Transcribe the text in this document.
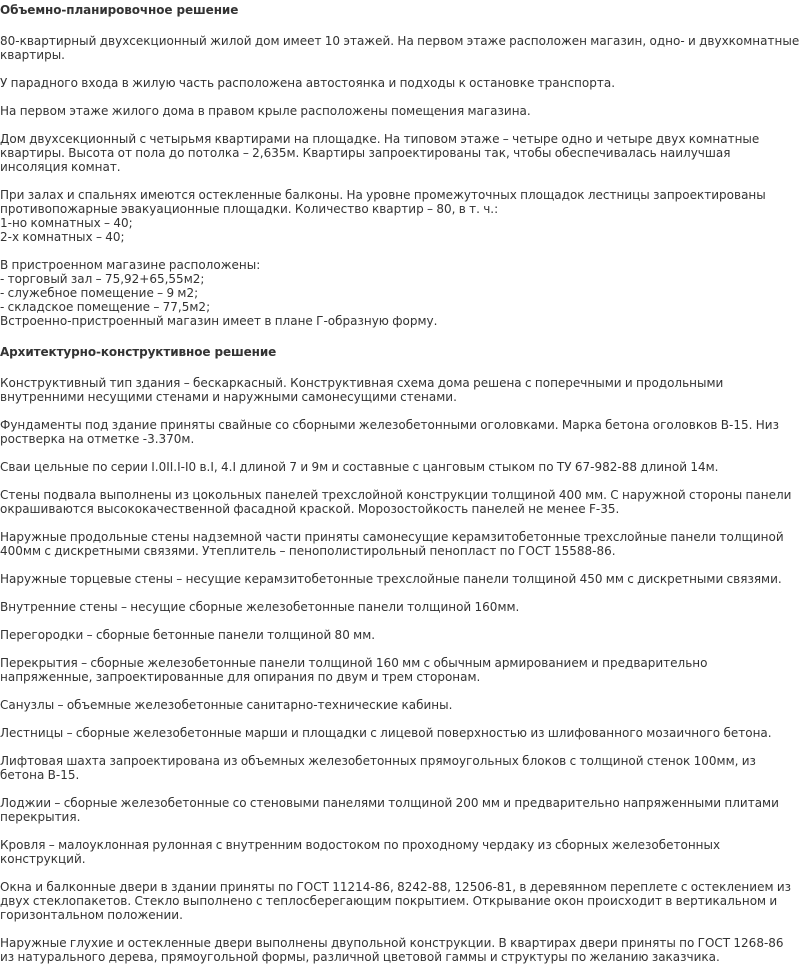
Объемно-планировочное решение
80-квартирный двухсекционный жилой дом имеет 10 этажей. На первом этаже расположен магазин, одно- и двухкомнатные
квартиры.
У парадного входа в жилую часть расположена автостоянка и подходы к остановке транспорта.
На первом этаже жилого дома в правом крыле расположены помещения магазина.
Дом двухсекционный с четырьмя квартирами на площадке. На типовом этаже – четыре одно и четыре двух комнатные
квартиры. Высота от пола до потолка – 2,635м. Квартиры запроектированы так, чтобы обеспечивалась наилучшая
инсоляция комнат.
При залах и спальнях имеются остекленные балконы. На уровне промежуточных площадок лестницы запроектированы
противопожарные эвакуационные площадки. Количество квартир – 80, в т. ч.:
1-но комнатных – 40;
2-х комнатных – 40;
В пристроенном магазине расположены:
- торговый зал – 75,92+65,55м2;
- служебное помещение – 9 м2;
- складское помещение – 77,5м2;
Встроенно-пристроенный магазин имеет в плане Г-образную форму.
Архитектурно-конструктивное решение
Конструктивный тип здания – бескаркасный. Конструктивная схема дома решена с поперечными и продольными
внутренними несущими стенами и наружными самонесущими стенами.
Фундаменты под здание приняты свайные со сборными железобетонными оголовками. Марка бетона оголовков В-15. Низ
ростверка на отметке -3.370м.
Сваи цельные по серии I.0II.I-I0 в.I, 4.I длиной 7 и 9м и составные с цанговым стыком по ТУ 67-982-88 длиной 14м.
Стены подвала выполнены из цокольных панелей трехслойной конструкции толщиной 400 мм. С наружной стороны панели
окрашиваются высококачественной фасадной краской. Морозостойкость панелей не менее F-35.
Наружные продольные стены надземной части приняты самонесущие керамзитобетонные трехслойные панели толщиной
400мм с дискретными связями. Утеплитель – пенополистирольный пенопласт по ГОСТ 15588-86.
Наружные торцевые стены – несущие керамзитобетонные трехслойные панели толщиной 450 мм с дискретными связями.
Внутренние стены – несущие сборные железобетонные панели толщиной 160мм.
Перегородки – сборные бетонные панели толщиной 80 мм.
Перекрытия – сборные железобетонные панели толщиной 160 мм с обычным армированием и предварительно
напряженные, запроектированные для опирания по двум и трем сторонам.
Санузлы – объемные железобетонные санитарно-технические кабины.
Лестницы – сборные железобетонные марши и площадки с лицевой поверхностью из шлифованного мозаичного бетона.
Лифтовая шахта запроектирована из объемных железобетонных прямоугольных блоков с толщиной стенок 100мм, из
бетона В-15.
Лоджии – сборные железобетонные со стеновыми панелями толщиной 200 мм и предварительно напряженными плитами
перекрытия.
Кровля – малоуклонная рулонная с внутренним водостоком по проходному чердаку из сборных железобетонных
конструкций.
Окна и балконные двери в здании приняты по ГОСТ 11214-86, 8242-88, 12506-81, в деревянном переплете с остеклением из
двух стеклопакетов. Стекло выполнено с теплосберегающим покрытием. Открывание окон происходит в вертикальном и
горизонтальном положении.
Наружные глухие и остекленные двери выполнены двупольной конструкции. В квартирах двери приняты по ГОСТ 1268-86
из натурального дерева, прямоугольной формы, различной цветовой гаммы и структуры по желанию заказчика.
